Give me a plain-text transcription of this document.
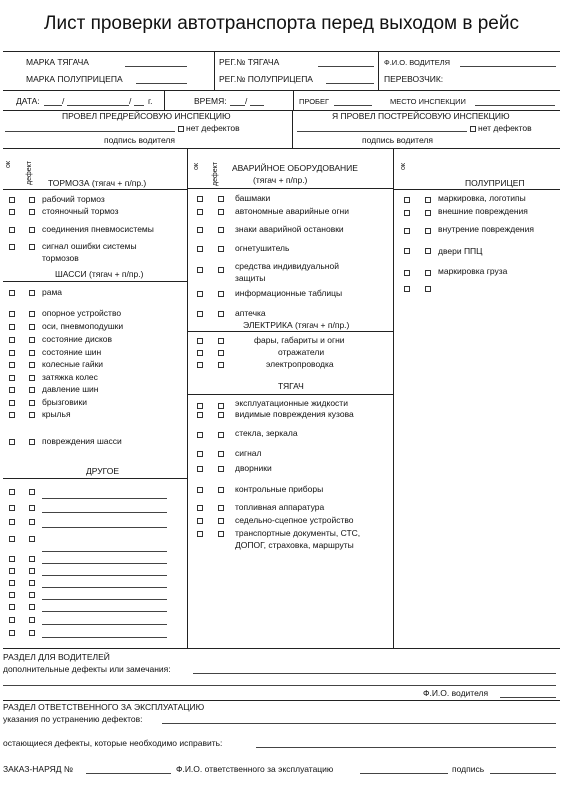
Лист проверки автотранспорта перед выходом в рейс
МАРКА ТЯГАЧА
МАРКА ПОЛУПРИЦЕПА
РЕГ.№ ТЯГАЧА
РЕГ.№ ПОЛУПРИЦЕПА
Ф.И.О. ВОДИТЕЛЯ
ПЕРЕВОЗЧИК:
ДАТА:	/	/ г.	ВРЕМЯ: /	ПРОБЕГ	МЕСТО ИНСПЕКЦИИ
ПРОВЕЛ ПРЕДРЕЙСОВУЮ ИНСПЕКЦИЮ
нет дефектов
подпись водителя
Я ПРОВЕЛ ПОСТРЕЙСОВУЮ ИНСПЕКЦИЮ
нет дефектов
подпись водителя
ок дефект	ок дефект	ок
ТОРМОЗА (тягач + п/пр.)
рабочий тормоз
стояночный тормоз
соединения пневмосистемы
сигнал ошибки системы
тормозов
ШАССИ (тягач + п/пр.)
рама
опорное устройство
оси, пневмоподушки
состояние дисков
состояние шин
колесные гайки
затяжка колес
давление шин
брызговики
крылья
повреждения шасси
ДРУГОЕ
АВАРИЙНОЕ ОБОРУДОВАНИЕ
(тягач + п/пр.)
башмаки
автономные аварийные огни
знаки аварийной остановки
огнетушитель
средства индивидуальной
защиты
информационные таблицы
аптечка
ЭЛЕКТРИКА (тягач + п/пр.)
фары, габариты и огни
отражатели
электропроводка
ТЯГАЧ
эксплуатационные жидкости
видимые повреждения кузова
стекла, зеркала
сигнал
дворники
контрольные приборы
топливная аппаратура
седельно-сцепное устройство
транспортные документы, СТС,
ДОПОГ, страховка, маршруты
ПОЛУПРИЦЕП
маркировка, логотипы
внешние повреждения
внутрение повреждения
двери ППЦ
маркировка груза
РАЗДЕЛ ДЛЯ ВОДИТЕЛЕЙ
дополнительные дефекты или замечания:
Ф.И.О. водителя
РАЗДЕЛ ОТВЕТСТВЕННОГО ЗА ЭКСПЛУАТАЦИЮ
указания по устранению дефектов:
остающиеся дефекты, которые необходимо исправить:
ЗАКАЗ-НАРЯД №	Ф.И.О. ответственного за эксплуатацию	подпись
